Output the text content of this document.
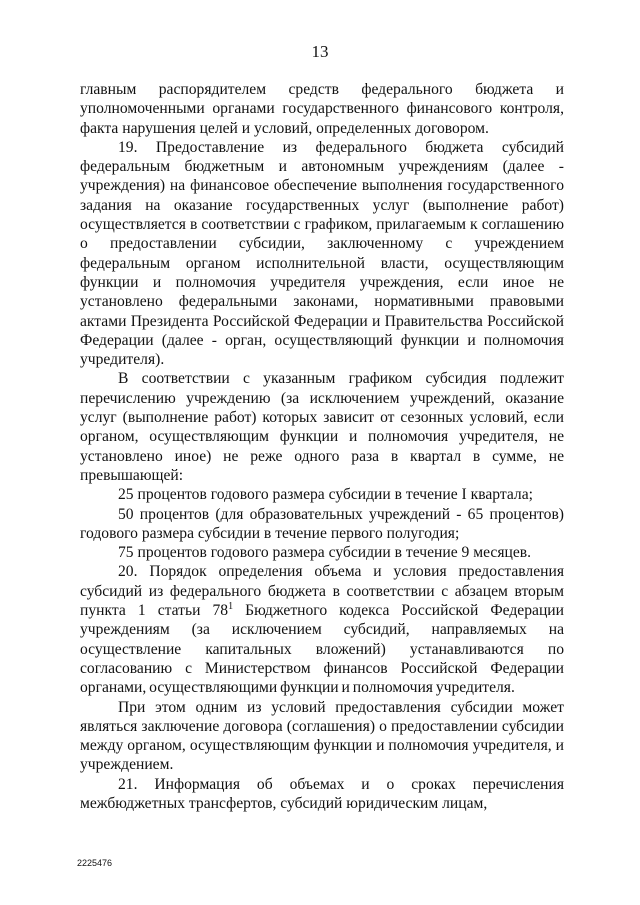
13

главным распорядителем средств федерального бюджета и уполномоченными органами государственного финансового контроля, факта нарушения целей и условий, определенных договором.

19. Предоставление из федерального бюджета субсидий федеральным бюджетным и автономным учреждениям (далее - учреждения) на финансовое обеспечение выполнения государственного задания на оказание государственных услуг (выполнение работ) осуществляется в соответствии с графиком, прилагаемым к соглашению о предоставлении субсидии, заключенному с учреждением федеральным органом исполнительной власти, осуществляющим функции и полномочия учредителя учреждения, если иное не установлено федеральными законами, нормативными правовыми актами Президента Российской Федерации и Правительства Российской Федерации (далее - орган, осуществляющий функции и полномочия учредителя).

В соответствии с указанным графиком субсидия подлежит перечислению учреждению (за исключением учреждений, оказание услуг (выполнение работ) которых зависит от сезонных условий, если органом, осуществляющим функции и полномочия учредителя, не установлено иное) не реже одного раза в квартал в сумме, не превышающей:

25 процентов годового размера субсидии в течение I квартала;

50 процентов (для образовательных учреждений - 65 процентов) годового размера субсидии в течение первого полугодия;

75 процентов годового размера субсидии в течение 9 месяцев.

20. Порядок определения объема и условия предоставления субсидий из федерального бюджета в соответствии с абзацем вторым пункта 1 статьи $78^1$ Бюджетного кодекса Российской Федерации учреждениям (за исключением субсидий, направляемых на осуществление капитальных вложений) устанавливаются по согласованию с Министерством финансов Российской Федерации органами, осуществляющими функции и полномочия учредителя.

При этом одним из условий предоставления субсидии может являться заключение договора (соглашения) о предоставлении субсидии между органом, осуществляющим функции и полномочия учредителя, и учреждением.

21. Информация об объемах и о сроках перечисления межбюджетных трансфертов, субсидий юридическим лицам,

2225476
